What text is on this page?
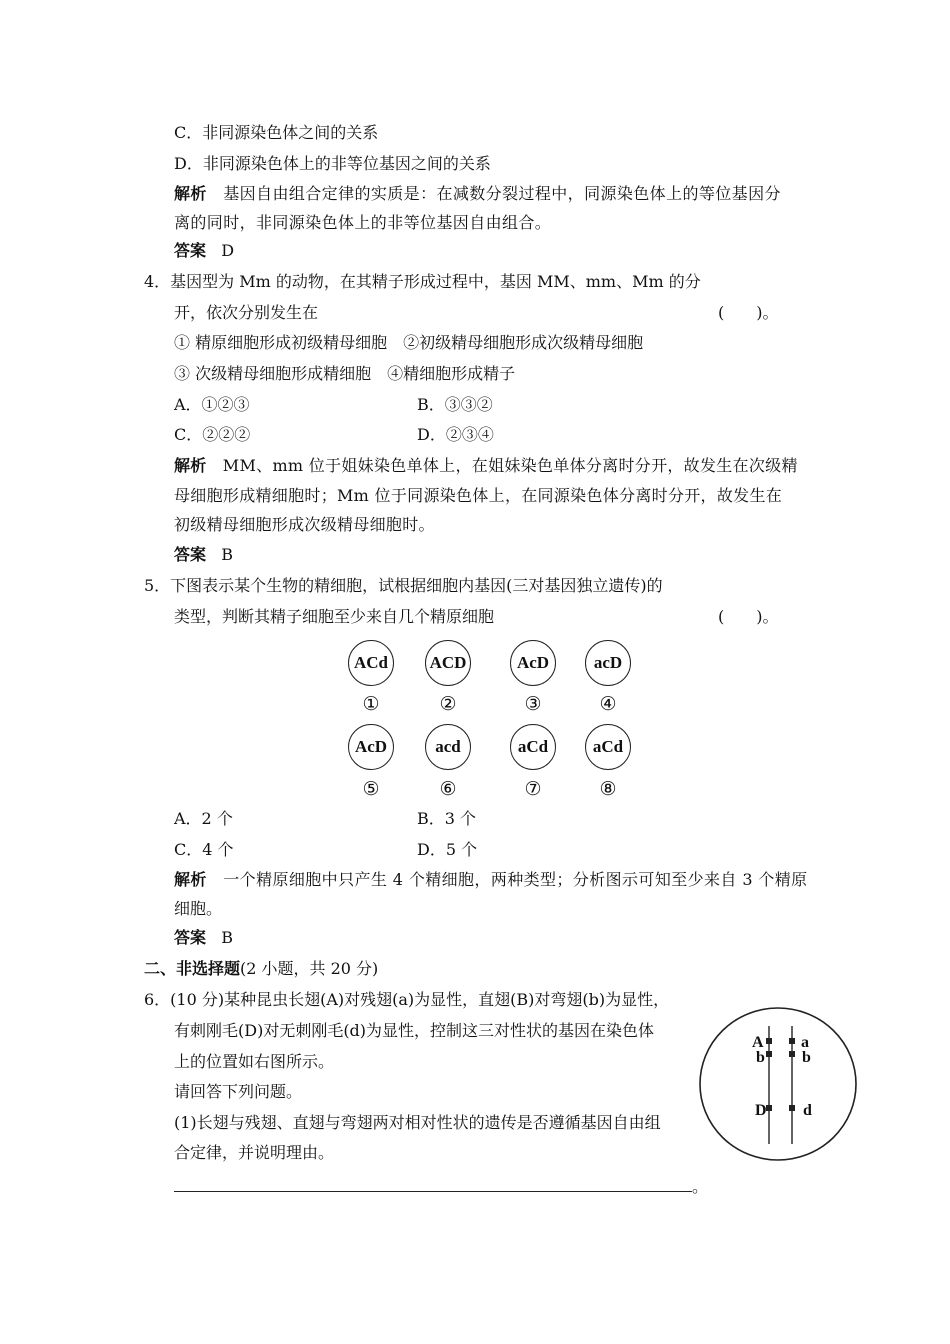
C．非同源染色体之间的关系
D．非同源染色体上的非等位基因之间的关系
解析 基因自由组合定律的实质是：在减数分裂过程中，同源染色体上的等位基因分
离的同时，非同源染色体上的非等位基因自由组合。
答案 D
4．基因型为 Mm 的动物，在其精子形成过程中，基因 MM、mm、Mm 的分
开，依次分别发生在	(　　)。
① 精原细胞形成初级精母细胞　②初级精母细胞形成次级精母细胞
③ 次级精母细胞形成精细胞　④精细胞形成精子
A．①②③	B．③③②
C．②②②	D．②③④
解析 MM、mm 位于姐妹染色单体上，在姐妹染色单体分离时分开，故发生在次级精
母细胞形成精细胞时；Mm 位于同源染色体上，在同源染色体分离时分开，故发生在
初级精母细胞形成次级精母细胞时。
答案 B
5．下图表示某个生物的精细胞，试根据细胞内基因(三对基因独立遗传)的
类型，判断其精子细胞至少来自几个精原细胞	(　　)。
ACd	ACD	AcD	acD
①	②	③	④
AcD	acd	aCd	aCd
⑤	⑥	⑦	⑧
A．2 个	B．3 个
C．4 个	D．5 个
解析 一个精原细胞中只产生 4 个精细胞，两种类型；分析图示可知至少来自 3 个精原
细胞。
答案 B
二、非选择题(2 小题，共 20 分)
6．(10 分)某种昆虫长翅(A)对残翅(a)为显性，直翅(B)对弯翅(b)为显性，
有刺刚毛(D)对无刺刚毛(d)为显性，控制这三对性状的基因在染色体
上的位置如右图所示。
请回答下列问题。
(1)长翅与残翅、直翅与弯翅两对相对性状的遗传是否遵循基因自由组
合定律，并说明理由。
。
A
b
a
b
D d
